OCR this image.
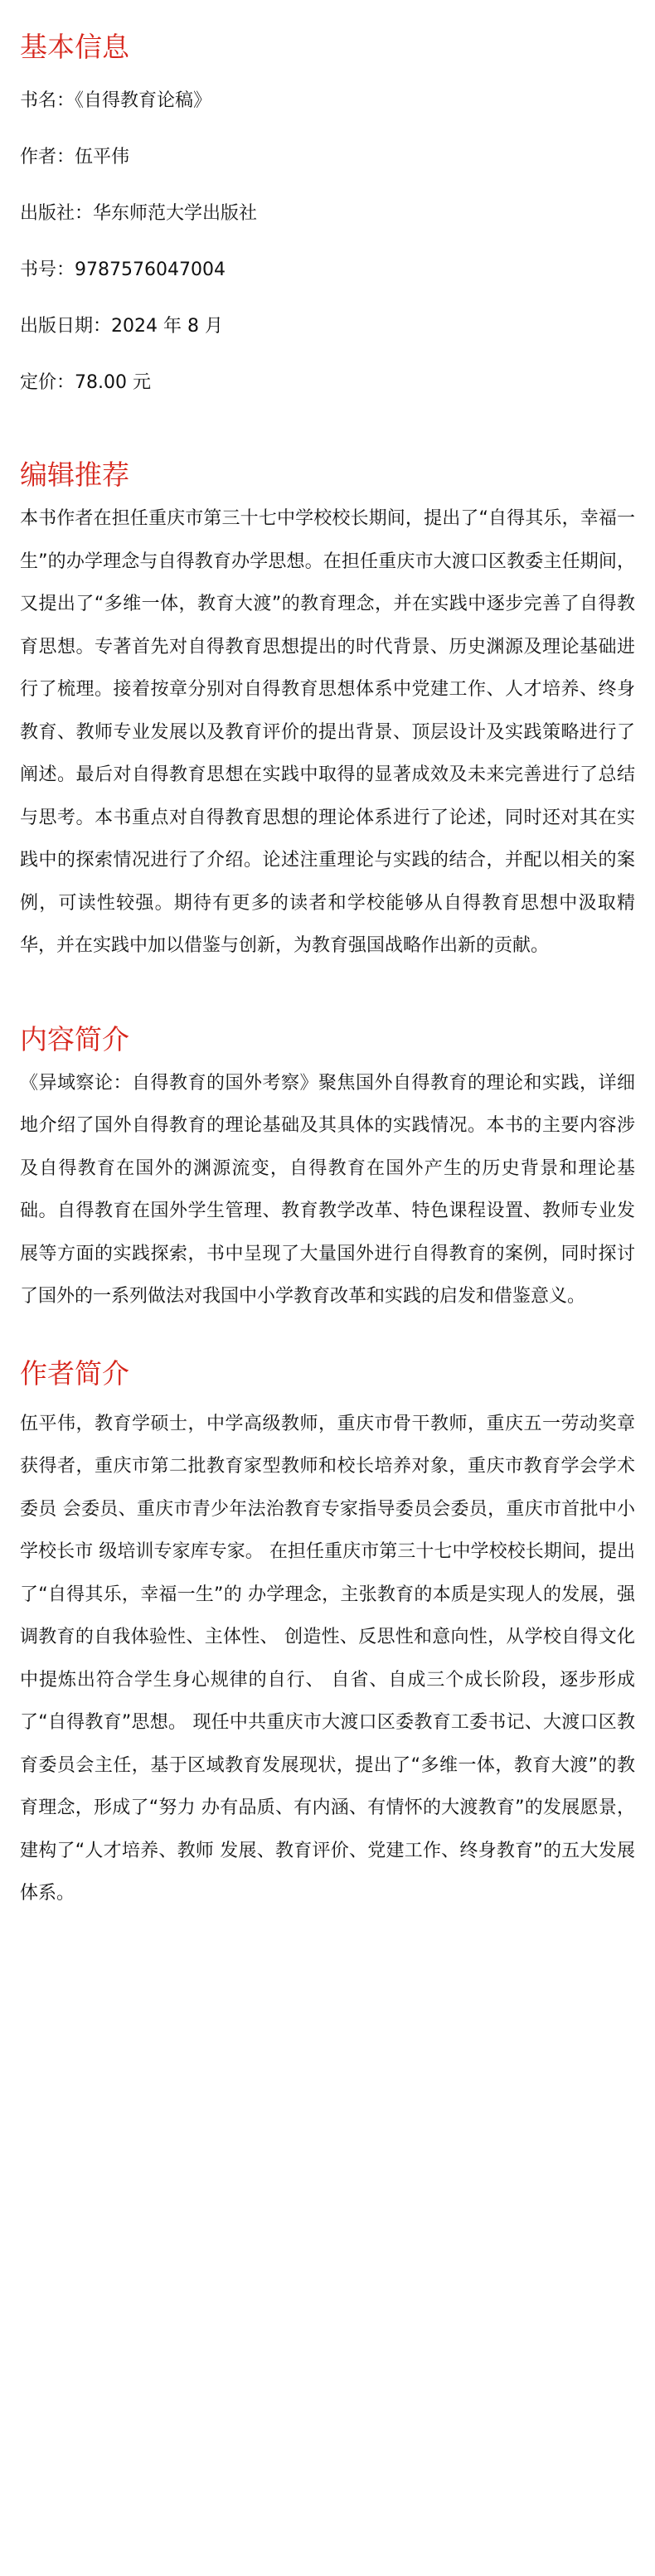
基本信息

书名：《自得教育论稿》

作者：伍平伟

出版社：华东师范大学出版社

书号：9787576047004

出版日期：2024 年 8 月

定价：78.00 元

编辑推荐

本书作者在担任重庆市第三十七中学校校长期间，提出了“自得其乐，幸福一生”的办学理念与自得教育办学思想。在担任重庆市大渡口区教委主任期间，又提出了“多维一体，教育大渡”的教育理念，并在实践中逐步完善了自得教育思想。专著首先对自得教育思想提出的时代背景、历史渊源及理论基础进行了梳理。接着按章分别对自得教育思想体系中党建工作、人才培养、终身教育、教师专业发展以及教育评价的提出背景、顶层设计及实践策略进行了阐述。最后对自得教育思想在实践中取得的显著成效及未来完善进行了总结与思考。本书重点对自得教育思想的理论体系进行了论述，同时还对其在实践中的探索情况进行了介绍。论述注重理论与实践的结合，并配以相关的案例，可读性较强。期待有更多的读者和学校能够从自得教育思想中汲取精华，并在实践中加以借鉴与创新，为教育强国战略作出新的贡献。

内容简介

《异域察论：自得教育的国外考察》聚焦国外自得教育的理论和实践，详细地介绍了国外自得教育的理论基础及其具体的实践情况。本书的主要内容涉及自得教育在国外的渊源流变，自得教育在国外产生的历史背景和理论基础。自得教育在国外学生管理、教育教学改革、特色课程设置、教师专业发展等方面的实践探索，书中呈现了大量国外进行自得教育的案例，同时探讨了国外的一系列做法对我国中小学教育改革和实践的启发和借鉴意义。

作者简介

伍平伟，教育学硕士，中学高级教师，重庆市骨干教师，重庆五一劳动奖章 获得者，重庆市第二批教育家型教师和校长培养对象，重庆市教育学会学术委员 会委员、重庆市青少年法治教育专家指导委员会委员，重庆市首批中小学校长市 级培训专家库专家。 在担任重庆市第三十七中学校校长期间，提出了“自得其乐，幸福一生”的 办学理念，主张教育的本质是实现人的发展，强调教育的自我体验性、主体性、 创造性、反思性和意向性，从学校自得文化中提炼出符合学生身心规律的自行、 自省、自成三个成长阶段，逐步形成了“自得教育”思想。 现任中共重庆市大渡口区委教育工委书记、大渡口区教育委员会主任，基于区域教育发展现状，提出了“多维一体，教育大渡”的教育理念，形成了“努力 办有品质、有内涵、有情怀的大渡教育”的发展愿景，建构了“人才培养、教师 发展、教育评价、党建工作、终身教育”的五大发展体系。
